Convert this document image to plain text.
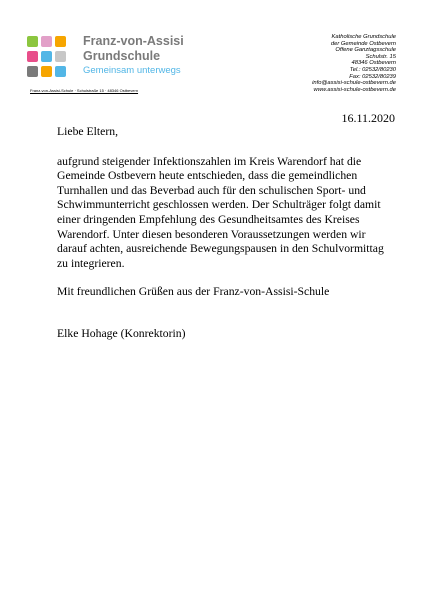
Franz-von-Assisi
Grundschule
Gemeinsam unterwegs
Franz-von-Assisi-Schule · Schulstraße 15 · 48346 Ostbevern
Katholische Grundschule
der Gemeinde Ostbevern
Offene Ganztagsschule
Schulstr. 15
48346 Ostbevern
Tel.: 02532/80230
Fax: 02532/80239
info@assisi-schule-ostbevern.de
www.assisi-schule-ostbevern.de
16.11.2020

Liebe Eltern,

aufgrund steigender Infektionszahlen im Kreis Warendorf hat die Gemeinde Ostbevern heute entschieden, dass die gemeindlichen Turnhallen und das Beverbad auch für den schulischen Sport- und Schwimmunterricht geschlossen werden. Der Schulträger folgt damit einer dringenden Empfehlung des Gesundheitsamtes des Kreises Warendorf. Unter diesen besonderen Voraussetzungen werden wir darauf achten, ausreichende Bewegungspausen in den Schulvormittag zu integrieren.

Mit freundlichen Grüßen aus der Franz-von-Assisi-Schule

Elke Hohage (Konrektorin)
